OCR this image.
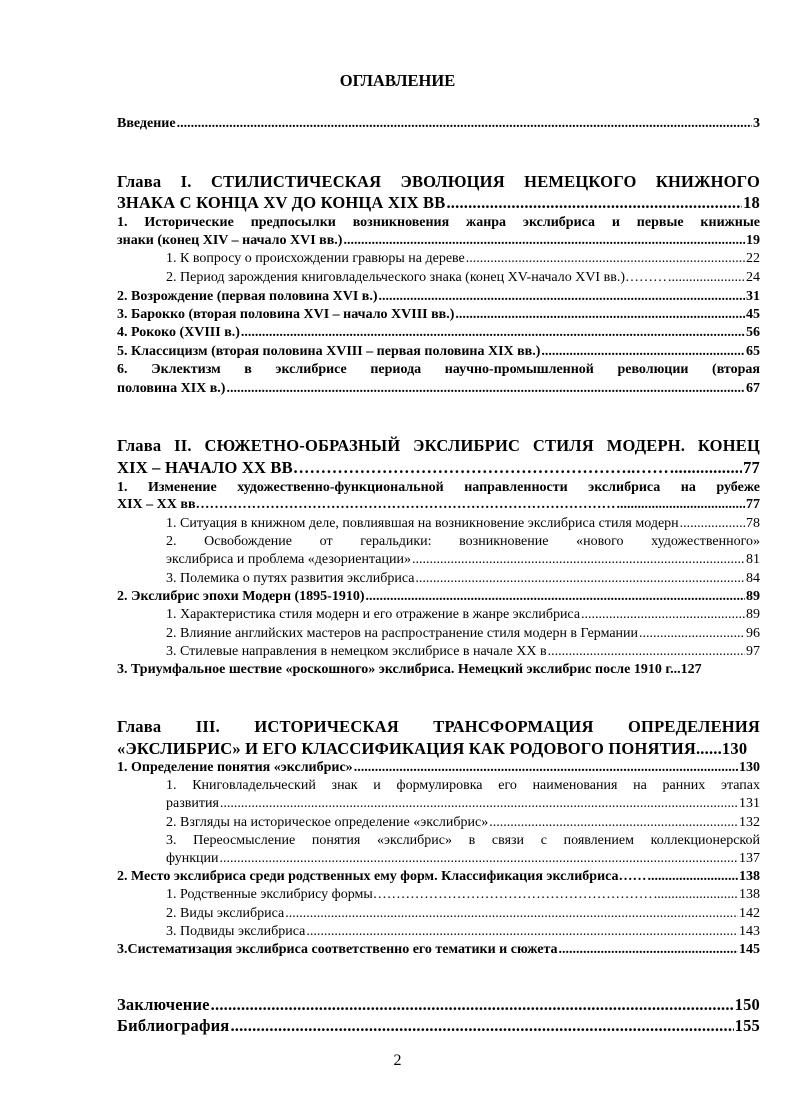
ОГЛАВЛЕНИЕ
Введение .....	3
Глава I. СТИЛИСТИЧЕСКАЯ ЭВОЛЮЦИЯ НЕМЕЦКОГО КНИЖНОГО
ЗНАКА С КОНЦА XV ДО КОНЦА XIX ВВ .....	18
1. Исторические предпосылки возникновения жанра экслибриса и первые книжные
знаки (конец XIV – начало XVI вв.) .....	19
1. К вопросу о происхождении гравюры на дереве .....	22
2. Период зарождения книговладельческого знака (конец XV-начало XVI вв.)……… .....	24
2. Возрождение (первая половина XVI в.) .....	31
3. Барокко (вторая половина XVI – начало XVIII вв.) .....	45
4. Рококо (XVIII в.) .....	56
5. Классицизм (вторая половина XVIII – первая половина XIX вв.) .....	65
6. Эклектизм в экслибрисе периода научно-промышленной революции (вторая
половина XIX в.) .....	67
Глава II. СЮЖЕТНО-ОБРАЗНЫЙ ЭКСЛИБРИС СТИЛЯ МОДЕРН. КОНЕЦ
XIX – НАЧАЛО XX ВВ……………………………………………………..…… .....	77
1. Изменение художественно-функциональной направленности экслибриса на рубеже
XIX – XX вв……………………………………………………………………………… .....	77
1. Ситуация в книжном деле, повлиявшая на возникновение экслибриса стиля модерн .....	78
2. Освобождение от геральдики: возникновение «нового художественного»
экслибриса и проблема «дезориентации» .....	81
3. Полемика о путях развития экслибриса .....	84
2. Экслибрис эпохи Модерн (1895-1910) .....	89
1. Характеристика стиля модерн и его отражение в жанре экслибриса .....	89
2. Влияние английских мастеров на распространение стиля модерн в Германии .....	96
3. Стилевые направления в немецком экслибрисе в начале XX в .....	97
3. Триумфальное шествие «роскошного» экслибриса. Немецкий экслибрис после 1910 г...127
Глава III. ИСТОРИЧЕСКАЯ ТРАНСФОРМАЦИЯ ОПРЕДЕЛЕНИЯ
«ЭКСЛИБРИС» И ЕГО КЛАССИФИКАЦИЯ КАК РОДОВОГО ПОНЯТИЯ......130
1. Определение понятия «экслибрис» .....	130
1. Книговладельческий знак и формулировка его наименования на ранних этапах
развития .....	131
2. Взгляды на историческое определение «экслибрис» .....	132
3. Переосмысление понятия «экслибрис» в связи с появлением коллекционерской
функции .....	137
2. Место экслибриса среди родственных ему форм. Классификация экслибриса…… .....	138
1. Родственные экслибрису формы…………………………………………………… .....	138
2. Виды экслибриса .....	142
3. Подвиды экслибриса .....	143
3.Систематизация экслибриса соответственно его тематики и сюжета .....	145
Заключение .....	150
Библиография .....	155
2
